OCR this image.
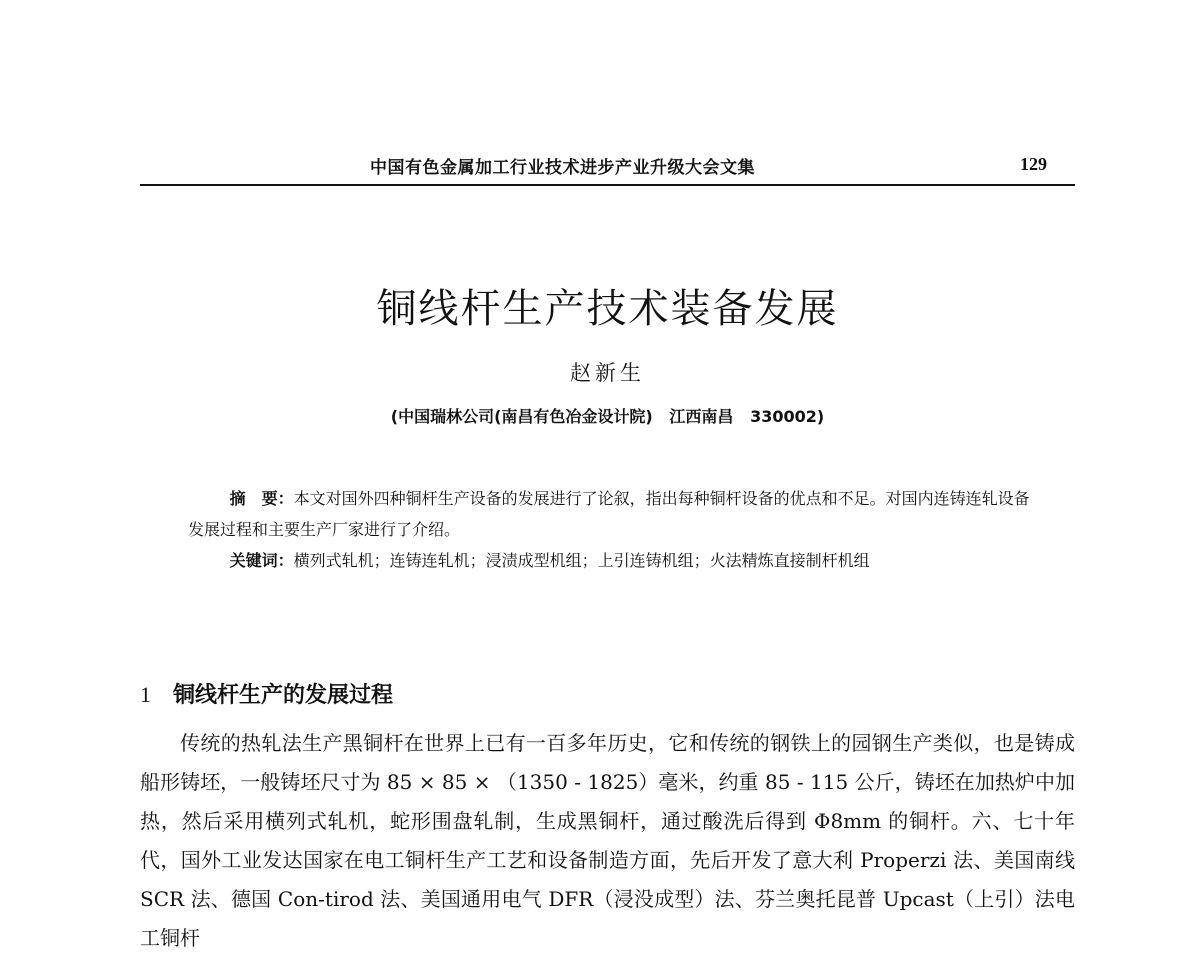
中国有色金属加工行业技术进步产业升级大会文集	129
铜线杆生产技术装备发展
赵新生
(中国瑞林公司(南昌有色冶金设计院)   江西南昌   330002)

摘　要：本文对国外四种铜杆生产设备的发展进行了论叙，指出每种铜杆设备的优点和不足。对国内连铸连轧设备发展过程和主要生产厂家进行了介绍。

关键词：横列式轧机；连铸连轧机；浸渍成型机组；上引连铸机组；火法精炼直接制杆机组

1 铜线杆生产的发展过程

传统的热轧法生产黑铜杆在世界上已有一百多年历史，它和传统的钢铁上的园钢生产类似，也是铸成船形铸坯，一般铸坯尺寸为 85 × 85 × （1350 - 1825）毫米，约重 85 - 115 公斤，铸坯在加热炉中加热，然后采用横列式轧机，蛇形围盘轧制，生成黑铜杆，通过酸洗后得到 Φ8mm 的铜杆。六、七十年代，国外工业发达国家在电工铜杆生产工艺和设备制造方面，先后开发了意大利 Properzi 法、美国南线 SCR 法、德国 Con-tirod 法、美国通用电气 DFR（浸没成型）法、芬兰奥托昆普 Upcast（上引）法电工铜杆
